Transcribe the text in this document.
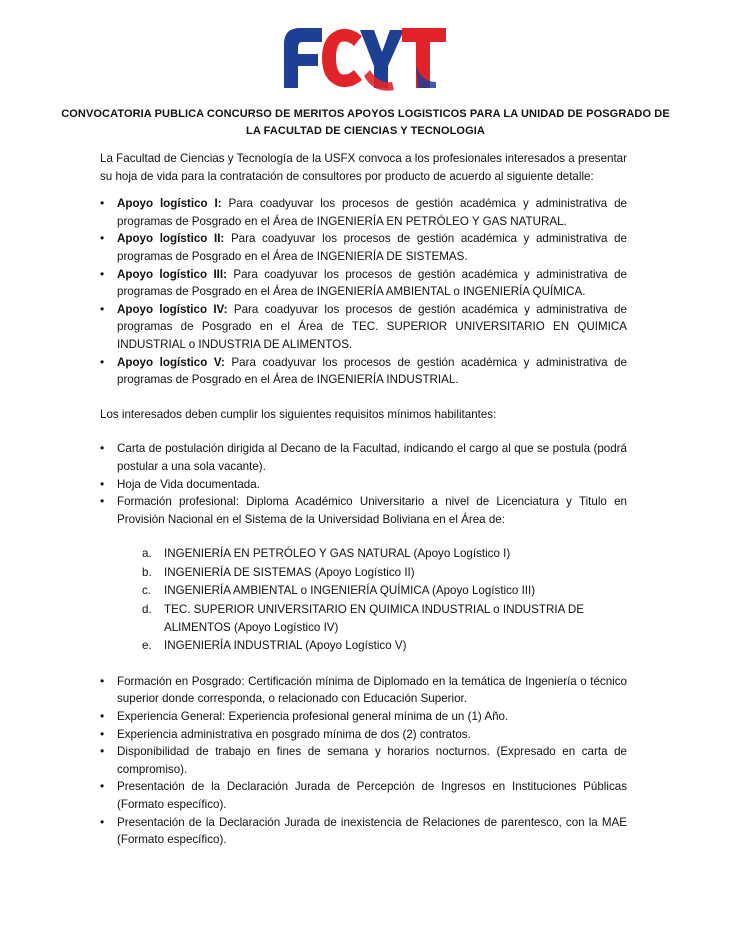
CONVOCATORIA PUBLICA CONCURSO DE MERITOS APOYOS LOGISTICOS PARA LA UNIDAD DE POSGRADO DE LA FACULTAD DE CIENCIAS Y TECNOLOGIA

La Facultad de Ciencias y Tecnología de la USFX convoca a los profesionales interesados a presentar su hoja de vida para la contratación de consultores por producto de acuerdo al siguiente detalle:

• Apoyo logístico I: Para coadyuvar los procesos de gestión académica y administrativa de programas de Posgrado en el Área de INGENIERÍA EN PETRÓLEO Y GAS NATURAL.
• Apoyo logístico II: Para coadyuvar los procesos de gestión académica y administrativa de programas de Posgrado en el Área de INGENIERÍA DE SISTEMAS.
• Apoyo logístico III: Para coadyuvar los procesos de gestión académica y administrativa de programas de Posgrado en el Área de INGENIERÍA AMBIENTAL o INGENIERÍA QUÍMICA.
• Apoyo logístico IV: Para coadyuvar los procesos de gestión académica y administrativa de programas de Posgrado en el Área de TEC. SUPERIOR UNIVERSITARIO EN QUIMICA INDUSTRIAL o INDUSTRIA DE ALIMENTOS.
• Apoyo logístico V: Para coadyuvar los procesos de gestión académica y administrativa de programas de Posgrado en el Área de INGENIERÍA INDUSTRIAL.

Los interesados deben cumplir los siguientes requisitos mínimos habilitantes:

• Carta de postulación dirigida al Decano de la Facultad, indicando el cargo al que se postula (podrá postular a una sola vacante).
• Hoja de Vida documentada.
• Formación profesional: Diploma Académico Universitario a nivel de Licenciatura y Titulo en Provisión Nacional en el Sistema de la Universidad Boliviana en el Área de:
a. INGENIERÍA EN PETRÓLEO Y GAS NATURAL (Apoyo Logístico I)
b. INGENIERÍA DE SISTEMAS (Apoyo Logístico II)
c. INGENIERÍA AMBIENTAL o INGENIERÍA QUÍMICA (Apoyo Logístico III)
d. TEC. SUPERIOR UNIVERSITARIO EN QUIMICA INDUSTRIAL o INDUSTRIA DE ALIMENTOS (Apoyo Logístico IV)
e. INGENIERÍA INDUSTRIAL (Apoyo Logístico V)
• Formación en Posgrado: Certificación mínima de Diplomado en la temática de Ingeniería o técnico superior donde corresponda, o relacionado con Educación Superior.
• Experiencia General: Experiencia profesional general mínima de un (1) Año.
• Experiencia administrativa en posgrado mínima de dos (2) contratos.
• Disponibilidad de trabajo en fines de semana y horarios nocturnos. (Expresado en carta de compromiso).
• Presentación de la Declaración Jurada de Percepción de Ingresos en Instituciones Públicas (Formato específico).
• Presentación de la Declaración Jurada de inexistencia de Relaciones de parentesco, con la MAE (Formato específico).
